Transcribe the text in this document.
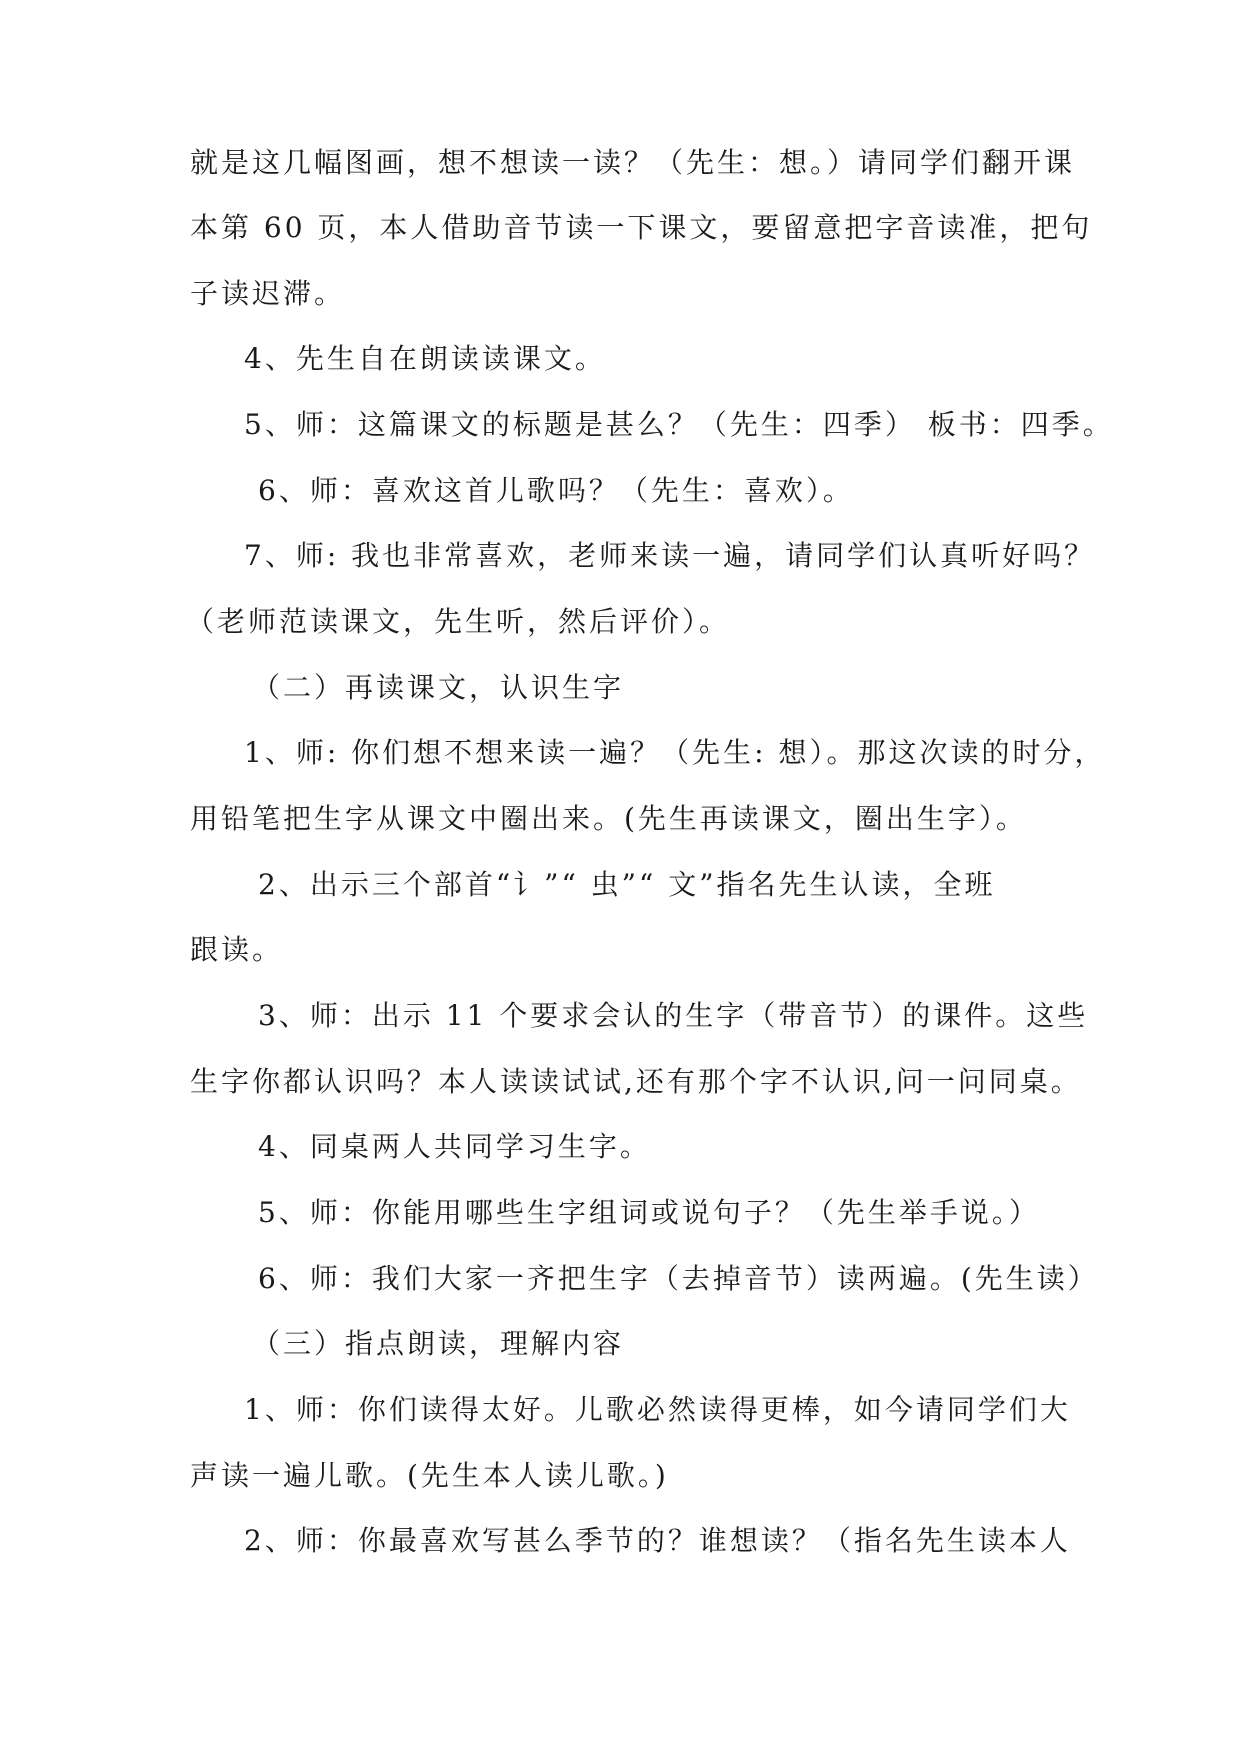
就是这几幅图画，想不想读一读？（先生：想。）请同学们翻开课
本第 60 页，本人借助音节读一下课文，要留意把字音读准，把句
子读迟滞。
4、先生自在朗读读课文。
5、师：这篇课文的标题是甚么？（先生：四季） 板书：四季。
6、师：喜欢这首儿歌吗？（先生：喜欢）。
7、师: 我也非常喜欢，老师来读一遍，请同学们认真听好吗？
（老师范读课文，先生听，然后评价）。
（二）再读课文，认识生字
1、师: 你们想不想来读一遍？（先生: 想）。那这次读的时分，
用铅笔把生字从课文中圈出来。(先生再读课文，圈出生字）。
2、出示三个部首“讠”“ 虫”“ 文”指名先生认读，全班
跟读。
3、师：出示 11 个要求会认的生字（带音节）的课件。这些
生字你都认识吗？本人读读试试,还有那个字不认识,问一问同桌。
4、同桌两人共同学习生字。
5、师：你能用哪些生字组词或说句子？（先生举手说。）
6、师：我们大家一齐把生字（去掉音节）读两遍。(先生读）
（三）指点朗读，理解内容
1、师：你们读得太好。儿歌必然读得更棒，如今请同学们大
声读一遍儿歌。(先生本人读儿歌。)
2、师：你最喜欢写甚么季节的？谁想读？（指名先生读本人
